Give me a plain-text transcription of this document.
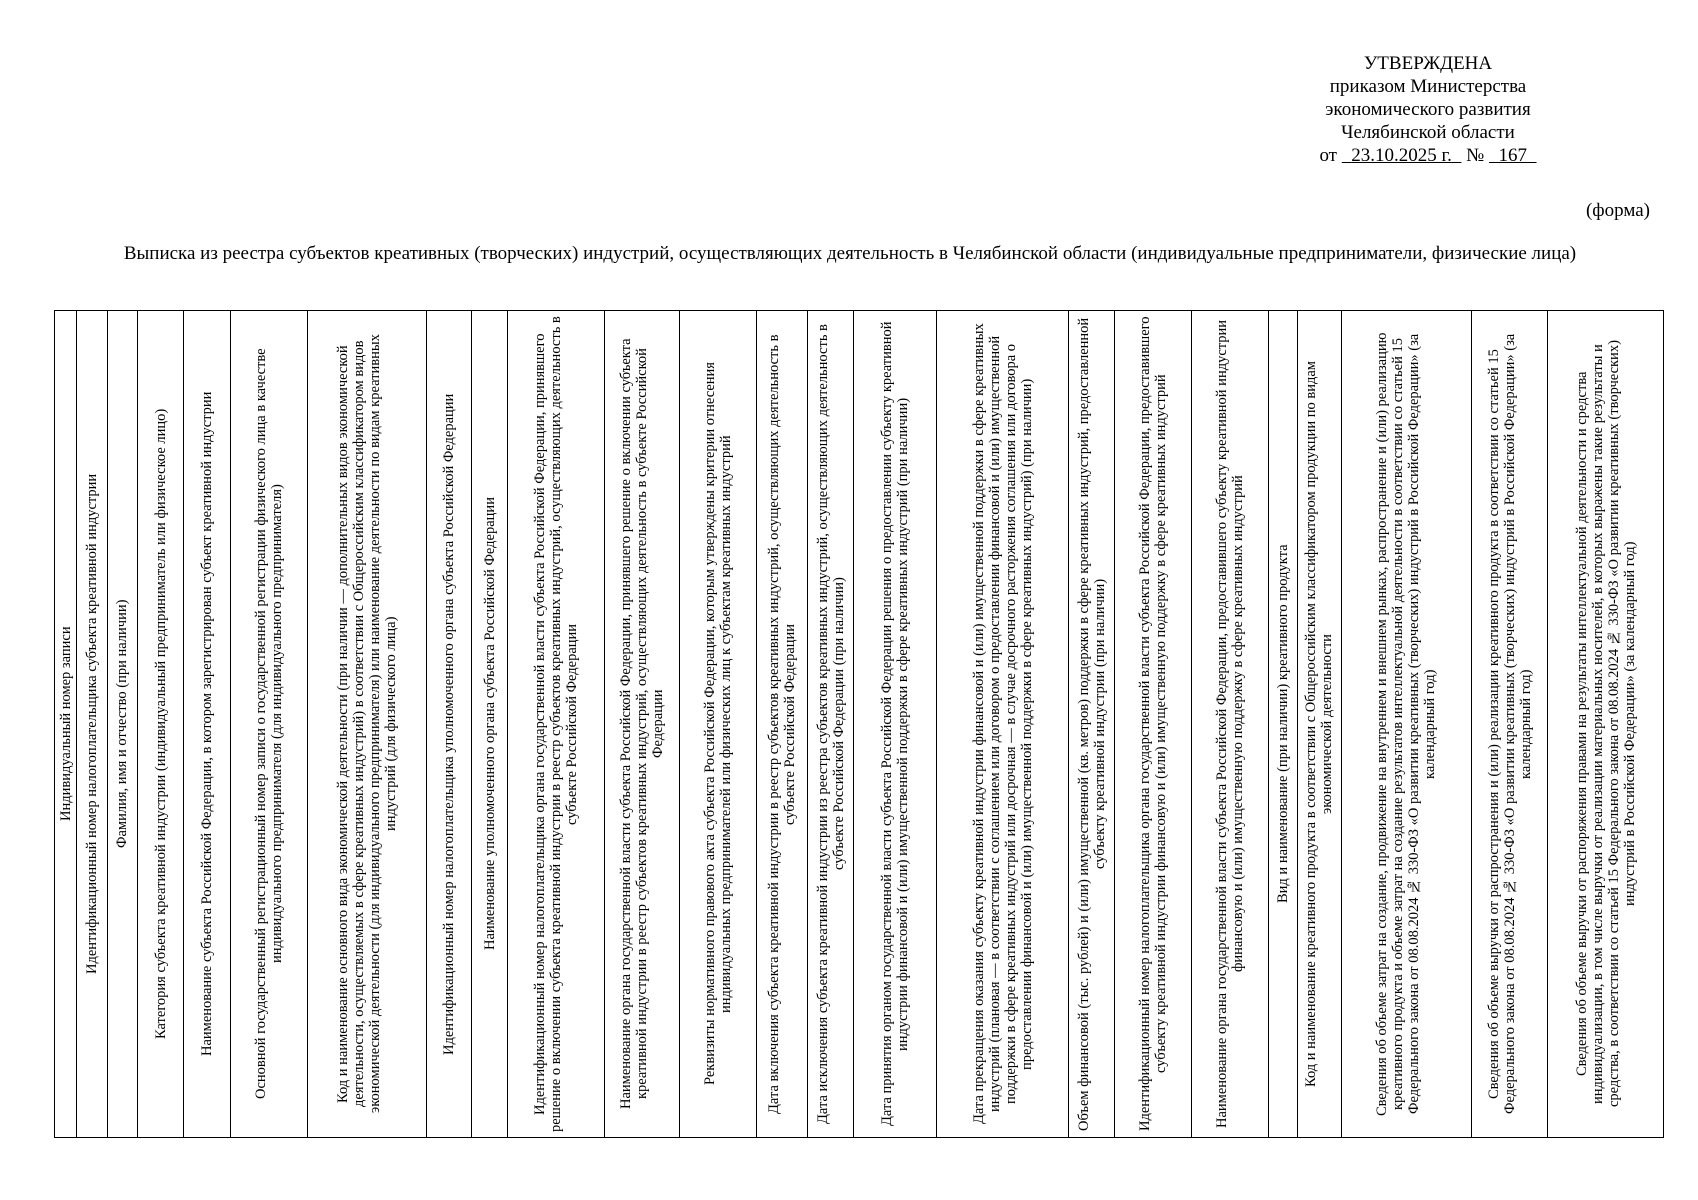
УТВЕРЖДЕНА
приказом Министерства
экономического развития
Челябинской области
от 23.10.2025 г. № 167
(форма)
Выписка из реестра субъектов креативных (творческих) индустрий, осуществляющих деятельность в Челябинской области (индивидуальные предприниматели, физические лица)
Индивидуальный номер записи	Идентификационный номер налогоплательщика субъекта креативной индустрии	Фамилия, имя и отчество (при наличии)	Категория субъекта креативной индустрии (индивидуальный предприниматель или физическое лицо)	Наименование субъекта Российской Федерации, в котором зарегистрирован субъект креативной индустрии	Основной государственный регистрационный номер записи о государственной регистрации физического лица в качестве индивидуального предпринимателя (для индивидуального предпринимателя)	Код и наименование основного вида экономической деятельности (при наличии — дополнительных видов экономической деятельности, осуществляемых в сфере креативных индустрий) в соответствии с Общероссийским классификатором видов экономической деятельности (для индивидуального предпринимателя) или наименование деятельности по видам креативных индустрий (для физического лица)	Идентификационный номер налогоплательщика уполномоченного органа субъекта Российской Федерации	Наименование уполномоченного органа субъекта Российской Федерации	Идентификационный номер налогоплательщика органа государственной власти субъекта Российской Федерации, принявшего решение о включении субъекта креативной индустрии в реестр субъектов креативных индустрий, осуществляющих деятельность в субъекте Российской Федерации	Наименование органа государственной власти субъекта Российской Федерации, принявшего решение о включении субъекта креативной индустрии в реестр субъектов креативных индустрий, осуществляющих деятельность в субъекте Российской Федерации	Реквизиты нормативного правового акта субъекта Российской Федерации, которым утверждены критерии отнесения индивидуальных предпринимателей или физических лиц к субъектам креативных индустрий	Дата включения субъекта креативной индустрии в реестр субъектов креативных индустрий, осуществляющих деятельность в субъекте Российской Федерации	Дата исключения субъекта креативной индустрии из реестра субъектов креативных индустрий, осуществляющих деятельность в субъекте Российской Федерации (при наличии)	Дата принятия органом государственной власти субъекта Российской Федерации решения о предоставлении субъекту креативной индустрии финансовой и (или) имущественной поддержки в сфере креативных индустрий (при наличии)	Дата прекращения оказания субъекту креативной индустрии финансовой и (или) имущественной поддержки в сфере креативных индустрий (плановая — в соответствии с соглашением или договором о предоставлении финансовой и (или) имущественной поддержки в сфере креативных индустрий или досрочная — в случае досрочного расторжения соглашения или договора о предоставлении финансовой и (или) имущественной поддержки в сфере креативных индустрий) (при наличии)	Объем финансовой (тыс. рублей) и (или) имущественной (кв. метров) поддержки в сфере креативных индустрий, предоставленной субъекту креативной индустрии (при наличии)	Идентификационный номер налогоплательщика органа государственной власти субъекта Российской Федерации, предоставившего субъекту креативной индустрии финансовую и (или) имущественную поддержку в сфере креативных индустрий	Наименование органа государственной власти субъекта Российской Федерации, предоставившего субъекту креативной индустрии финансовую и (или) имущественную поддержку в сфере креативных индустрий	Вид и наименование (при наличии) креативного продукта	Код и наименование креативного продукта в соответствии с Общероссийским классификатором продукции по видам экономической деятельности	Сведения об объеме затрат на создание, продвижение на внутреннем и внешнем рынках, распространение и (или) реализацию креативного продукта и объеме затрат на создание результатов интеллектуальной деятельности в соответствии со статьей 15 Федерального закона от 08.08.2024 № 330-ФЗ «О развитии креативных (творческих) индустрий в Российской Федерации» (за календарный год)	Сведения об объеме выручки от распространения и (или) реализации креативного продукта в соответствии со статьей 15 Федерального закона от 08.08.2024 № 330-ФЗ «О развитии креативных (творческих) индустрий в Российской Федерации» (за календарный год)	Сведения об объеме выручки от распоряжения правами на результаты интеллектуальной деятельности и средства индивидуализации, в том числе выручки от реализации материальных носителей, в которых выражены такие результаты и средства, в соответствии со статьей 15 Федерального закона от 08.08.2024 № 330-ФЗ «О развитии креативных (творческих) индустрий в Российской Федерации» (за календарный год)
